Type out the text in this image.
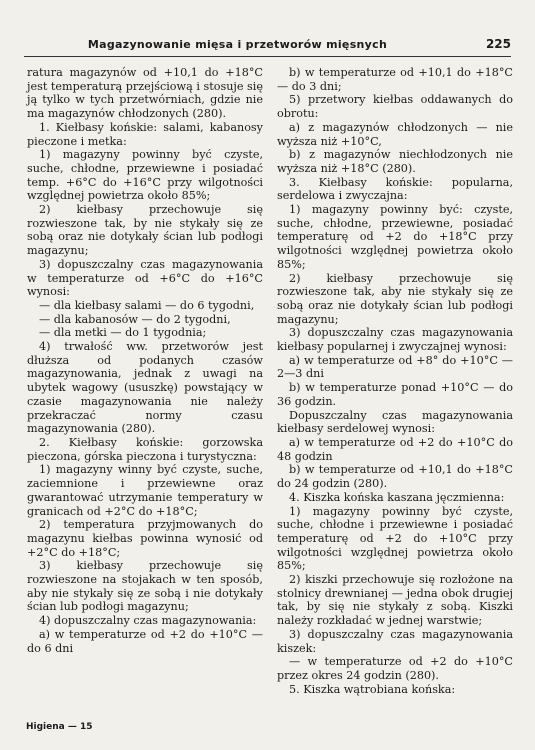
Magazynowanie mięsa i przetworów mięsnych	225

ratura magazynów od +10,1 do +18°C jest temperaturą przejściową i stosuje się ją tylko w tych przetwórniach, gdzie nie ma magazynów chłodzonych (280).

1. Kiełbasy końskie: salami, kabanosy pieczone i metka:

1) magazyny powinny być czyste, suche, chłodne, przewiewne i posiadać temp. +6°C do +16°C przy wilgotności względnej powietrza około 85%;

2) kiełbasy przechowuje się rozwieszone tak, by nie stykały się ze sobą oraz nie dotykały ścian lub podłogi magazynu;

3) dopuszczalny czas magazynowania w temperaturze od +6°C do +16°C wynosi:

— dla kiełbasy salami — do 6 tygodni,

— dla kabanosów — do 2 tygodni,

— dla metki — do 1 tygodnia;

4) trwałość ww. przetworów jest dłuższa od podanych czasów magazynowania, jednak z uwagi na ubytek wagowy (ususzkę) powstający w czasie magazynowania nie należy przekraczać normy czasu magazynowania (280).

2. Kiełbasy końskie: gorzowska pieczona, górska pieczona i turystyczna:

1) magazyny winny być czyste, suche, zaciemnione i przewiewne oraz gwarantować utrzymanie temperatury w granicach od +2°C do +18°C;

2) temperatura przyjmowanych do magazynu kiełbas powinna wynosić od +2°C do +18°C;

3) kiełbasy przechowuje się rozwieszone na stojakach w ten sposób, aby nie stykały się ze sobą i nie dotykały ścian lub podłogi magazynu;

4) dopuszczalny czas magazynowania:

a) w temperaturze od +2 do +10°C — do 6 dni

b) w temperaturze od +10,1 do +18°C — do 3 dni;

5) przetwory kiełbas oddawanych do obrotu:

a) z magazynów chłodzonych — nie wyższa niż +10°C,

b) z magazynów niechłodzonych nie wyższa niż +18°C (280).

3. Kiełbasy końskie: popularna, serdelowa i zwyczajna:

1) magazyny powinny być: czyste, suche, chłodne, przewiewne, posiadać temperaturę od +2 do +18°C przy wilgotności względnej powietrza około 85%;

2) kiełbasy przechowuje się rozwieszone tak, aby nie stykały się ze sobą oraz nie dotykały ścian lub podłogi magazynu;

3) dopuszczalny czas magazynowania kiełbasy popularnej i zwyczajnej wynosi:

a) w temperaturze od +8° do +10°C — 2—3 dni

b) w temperaturze ponad +10°C — do 36 godzin.

Dopuszczalny czas magazynowania kiełbasy serdelowej wynosi:

a) w temperaturze od +2 do +10°C do 48 godzin

b) w temperaturze od +10,1 do +18°C do 24 godzin (280).

4. Kiszka końska kaszana jęczmienna:

1) magazyny powinny być czyste, suche, chłodne i przewiewne i posiadać temperaturę od +2 do +10°C przy wilgotności względnej powietrza około 85%;

2) kiszki przechowuje się rozłożone na stolnicy drewnianej — jedna obok drugiej tak, by się nie stykały z sobą. Kiszki należy rozkładać w jednej warstwie;

3) dopuszczalny czas magazynowania kiszek:

— w temperaturze od +2 do +10°C przez okres 24 godzin (280).

5. Kiszka wątrobiana końska:

Higiena — 15
